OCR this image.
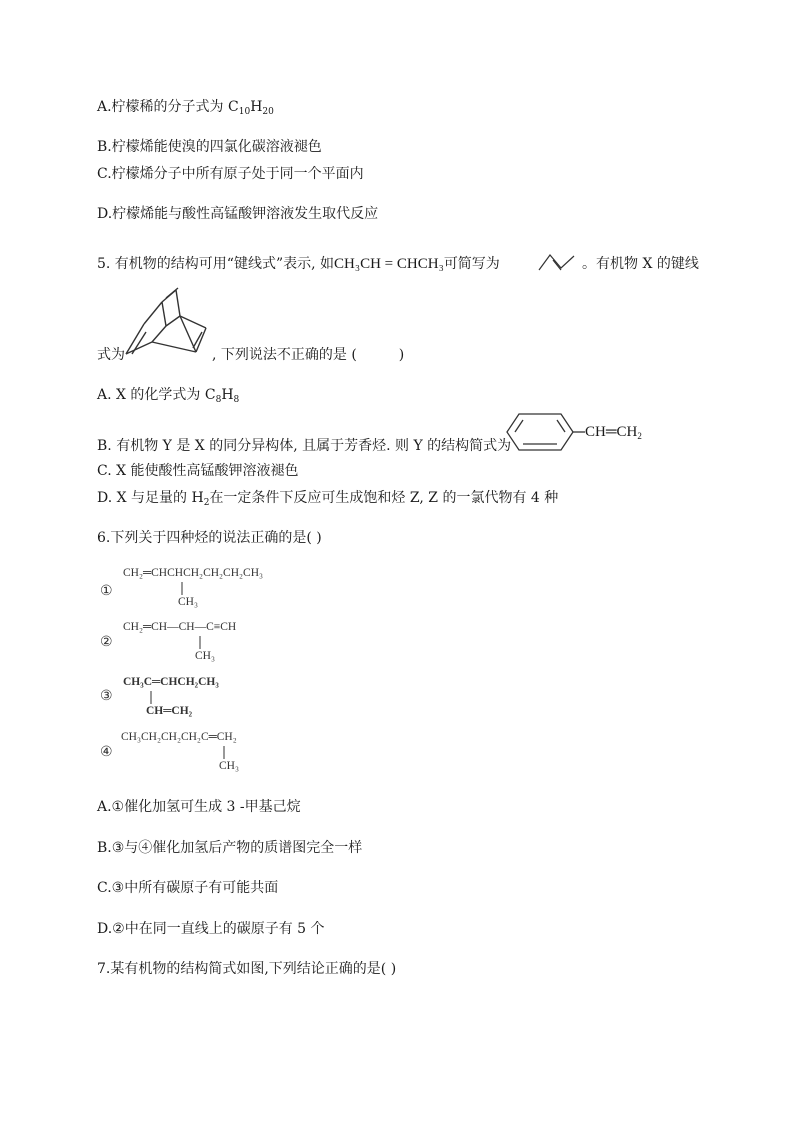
A.柠檬稀的分子式为 $C_{10}H_{20}$
B.柠檬烯能使溴的四氯化碳溶液褪色
C.柠檬烯分子中所有原子处于同一个平面内
D.柠檬烯能与酸性高锰酸钾溶液发生取代反应
5. 有机物的结构可用“键线式”表示, 如CH₃CH = CHCH₃可简写为	。有机物 X 的键线
式为	, 下列说法不正确的是 (　　　)
A. X 的化学式为 $C_8H_8$
B. 有机物 Y 是 X 的同分异构体, 且属于芳香烃. 则 Y 的结构简式为
$CH═CH_2$
C. X 能使酸性高锰酸钾溶液褪色
D. X 与足量的 $H_2$在一定条件下反应可生成饱和烃 Z, Z 的一氯代物有 4 种
6.下列关于四种烃的说法正确的是( )
①
CH₂═CHCHCH₂CH₂CH₂CH₃
CH₃
②
CH₂═CH—CH—C≡CH
CH₃
③
CH₃C═CHCH₂CH₃
CH═CH₂
④
CH₃CH₂CH₂CH₂C═CH₂
CH₃
A.①催化加氢可生成 3 -甲基己烷
B.③与④催化加氢后产物的质谱图完全一样
C.③中所有碳原子有可能共面
D.②中在同一直线上的碳原子有 5 个
7.某有机物的结构简式如图,下列结论正确的是( )
